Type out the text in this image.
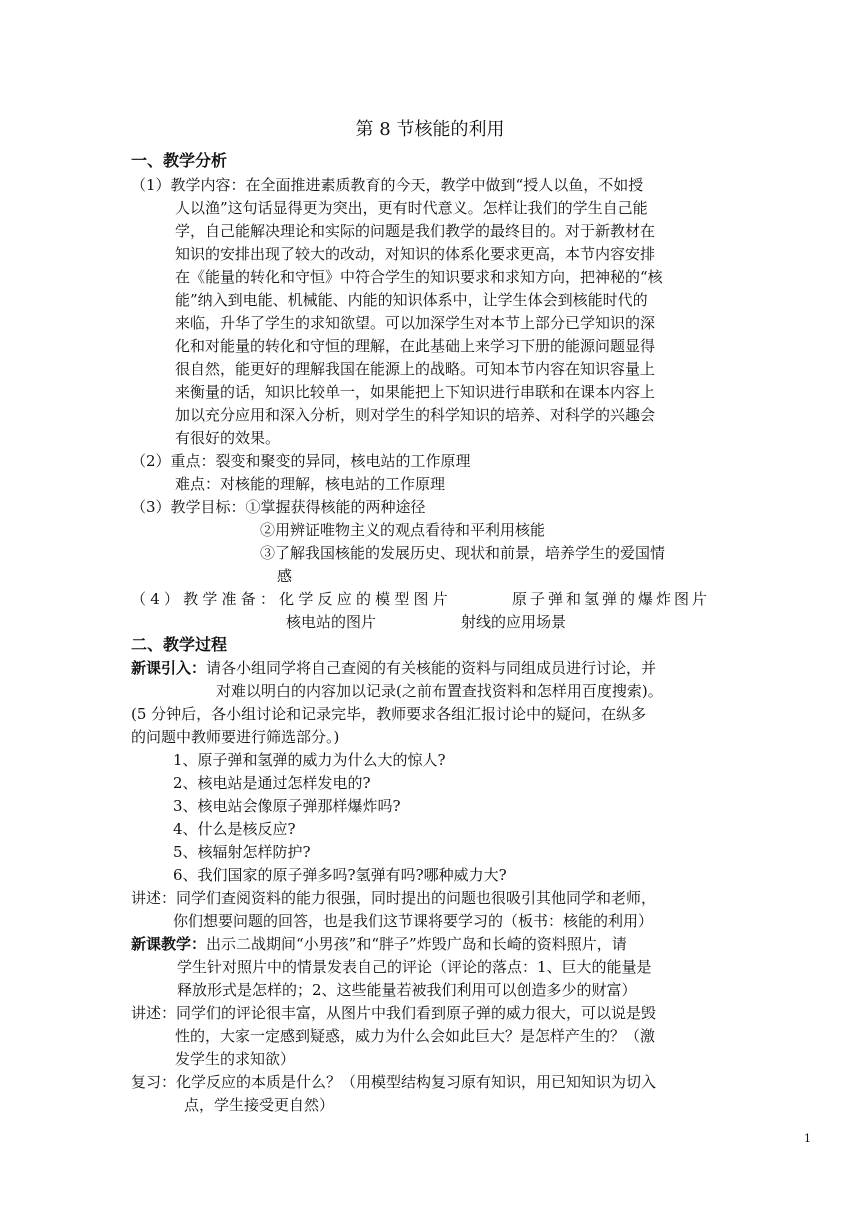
第 8 节核能的利用
一、教学分析
（1）教学内容：在全面推进素质教育的今天，教学中做到“授人以鱼，不如授
人以渔”这句话显得更为突出，更有时代意义。怎样让我们的学生自己能
学，自己能解决理论和实际的问题是我们教学的最终目的。对于新教材在
知识的安排出现了较大的改动，对知识的体系化要求更高，本节内容安排
在《能量的转化和守恒》中符合学生的知识要求和求知方向，把神秘的“核
能”纳入到电能、机械能、内能的知识体系中，让学生体会到核能时代的
来临，升华了学生的求知欲望。可以加深学生对本节上部分已学知识的深
化和对能量的转化和守恒的理解，在此基础上来学习下册的能源问题显得
很自然，能更好的理解我国在能源上的战略。可知本节内容在知识容量上
来衡量的话，知识比较单一，如果能把上下知识进行串联和在课本内容上
加以充分应用和深入分析，则对学生的科学知识的培养、对科学的兴趣会
有很好的效果。
（2）重点：裂变和聚变的异同，核电站的工作原理
难点：对核能的理解，核电站的工作原理
（3）教学目标：①掌握获得核能的两种途径
②用辨证唯物主义的观点看待和平利用核能
③了解我国核能的发展历史、现状和前景，培养学生的爱国情
感
（4）教学准备：化学反应的模型图片	原子弹和氢弹的爆炸图片
核电站的图片	射线的应用场景
二、教学过程
新课引入：请各小组同学将自己查阅的有关核能的资料与同组成员进行讨论，并
对难以明白的内容加以记录(之前布置查找资料和怎样用百度搜索)。
(5 分钟后，各小组讨论和记录完毕，教师要求各组汇报讨论中的疑问，在纵多
的问题中教师要进行筛选部分。)
1、原子弹和氢弹的威力为什么大的惊人?
2、核电站是通过怎样发电的?
3、核电站会像原子弹那样爆炸吗?
4、什么是核反应?
5、核辐射怎样防护?
6、我们国家的原子弹多吗?氢弹有吗?哪种威力大?
讲述：同学们查阅资料的能力很强，同时提出的问题也很吸引其他同学和老师，
你们想要问题的回答，也是我们这节课将要学习的（板书：核能的利用）
新课教学：出示二战期间“小男孩”和“胖子”炸毁广岛和长崎的资料照片，请
学生针对照片中的情景发表自己的评论（评论的落点：1、巨大的能量是
释放形式是怎样的；2、这些能量若被我们利用可以创造多少的财富）
讲述：同学们的评论很丰富，从图片中我们看到原子弹的威力很大，可以说是毁
性的，大家一定感到疑惑，威力为什么会如此巨大？是怎样产生的？（激
发学生的求知欲）
复习：化学反应的本质是什么？（用模型结构复习原有知识，用已知知识为切入
点，学生接受更自然）
1
